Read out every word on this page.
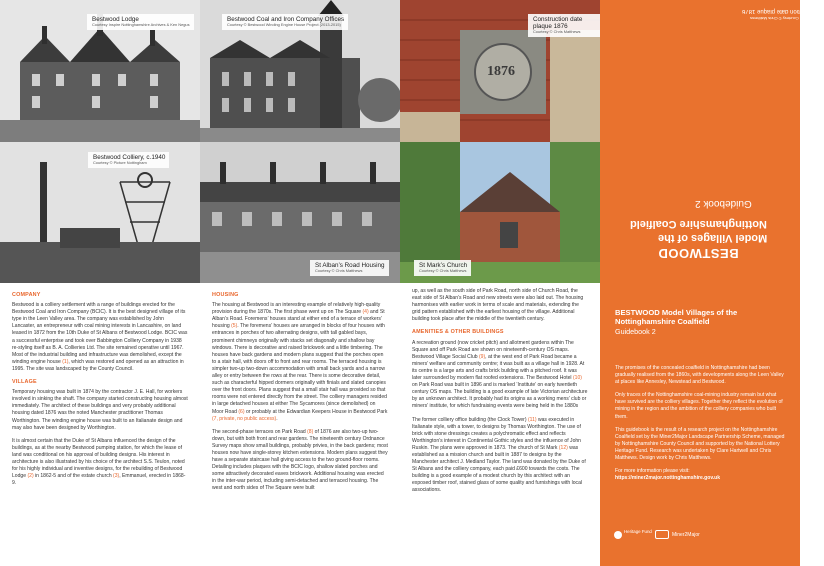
Bestwood Lodge
Courtesy Inspire Nottinghamshire Archives & Ken Negus
Bestwood Coal and Iron Company Offices
Courtesy © Bestwood Winding Engine House Project (2013-2015)
1876
Construction date plaque 1876
Courtesy © Chris Matthews
Bestwood Colliery, c.1940
Courtesy © Picture Nottingham
St Alban’s Road Housing
Courtesy © Chris Matthews
St Mark’s Church
Courtesy © Chris Matthews
BESTWOOD
Model Villages of the
Nottinghamshire Coalfield
Guidebook 2
Courtesy © Chris Matthews
Construction date plaque 1876
COMPANY

Bestwood is a colliery settlement with a range of buildings erected for the Bestwood Coal and Iron Company (BCIC). It is the best designed village of its type in the Leen Valley area. The company was established by John Lancaster, an entrepreneur with coal mining interests in Lancashire, on land leased in 1872 from the 10th Duke of St Albans of Bestwood Lodge. BCIC was a successful enterprise and took over Babbington Colliery Company in 1938 re-styling itself as B. A. Collieries Ltd. The site remained operative until 1967. Most of the industrial building and infrastructure was demolished, except the winding engine house (1), which was restored and opened as an attraction in 1995. The site was landscaped by the County Council.

VILLAGE

Temporary housing was built in 1874 by the contractor J. E. Hall, for workers involved in sinking the shaft. The company started constructing housing almost immediately. The architect of these buildings and very probably additional housing dated 1876 was the noted Manchester practitioner Thomas Worthington. The winding engine house was built to an Italianate design and may also have been designed by Worthington.

It is almost certain that the Duke of St Albans influenced the design of the buildings, as at the nearby Bestwood pumping station, for which the lease of land was conditional on his approval of building designs. His interest in architecture is also illustrated by his choice of the architect S.S. Teulon, noted for his highly individual and inventive designs, for the rebuilding of Bestwood Lodge (2) in 1862-5 and of the estate church (3), Emmanuel, erected in 1868-9.

HOUSING

The housing at Bestwood is an interesting example of relatively high-quality provision during the 1870s. The first phase went up on The Square (4) and St Alban’s Road. Foremens’ houses stand at either end of a terrace of workers’ housing (5). The foremens’ houses are arranged in blocks of four houses with entrances in porches of two alternating designs, with tall gabled bays, prominent chimneys originally with stacks set diagonally and shallow bay windows. There is decorative and raised brickwork and a little timbering. The houses have back gardens and modern plans suggest that the porches open to a stair hall, with doors off to front and rear rooms. The terraced housing is simpler two-up two-down accommodation with small back yards and a narrow alley or entry between the rows at the rear. There is some decorative detail, such as characterful hipped dormers originally with finials and slated canopies over the front doors. Plans suggest that a small stair hall was provided so that rooms were not entered directly from the street. The colliery managers resided in large detached houses at either The Sycamores (since demolished) on Moor Road (6) or probably at the Edwardian Keepers House in Bestwood Park (7, private, no public access).

The second-phase terraces on Park Road (8) of 1876 are also two-up two-down, but with both front and rear gardens. The nineteenth century Ordnance Survey maps show small buildings, probably privies, in the back gardens; most houses now have single-storey kitchen extensions. Modern plans suggest they have a separate staircase hall giving access to the two ground-floor rooms. Detailing includes plaques with the BCIC logo, shallow slated porches and some attractively decorated eaves brickwork. Additional housing was erected in the inter-war period, including semi-detached and terraced housing. The west and north sides of The Square were built

up, as well as the south side of Park Road, north side of Church Road, the east side of St Alban’s Road and new streets were also laid out. The housing harmonises with earlier work in terms of scale and materials, extending the grid pattern established with the earliest housing of the village. Additional building took place after the middle of the twentieth century.

AMENITIES & OTHER BUILDINGS

A recreation ground (now cricket pitch) and allotment gardens within The Square and off Park Road are shown on nineteenth-century OS maps. Bestwood Village Social Club (9), at the west end of Park Road became a miners’ welfare and community centre; it was built as a village hall in 1928. At its centre is a large arts and crafts brick building with a pitched roof. It was later surrounded by modern flat roofed extensions. The Bestwood Hotel (10) on Park Road was built in 1896 and is marked ‘Institute’ on early twentieth century OS maps. The building is a good example of late Victorian architecture by an unknown architect. It probably had its origins as a working mens’ club or miners’ institute, for which fundraising events were being held in the 1880s

The former colliery office building (the Clock Tower) (11) was executed in Italianate style, with a tower, to designs by Thomas Worthington. The use of brick with stone dressings creates a polychromatic effect and reflects Worthington’s interest in Continental Gothic styles and the influence of John Ruskin. The plans were approved in 1873. The church of St Mark (12) was established as a mission church and built in 1887 to designs by the Manchester architect J. Medland Taylor. The land was donated by the Duke of St Albans and the colliery company, each paid £600 towards the costs. The building is a good example of a modest church by this architect with an exposed timber roof, stained glass of some quality and furnishings with local associations.

BESTWOOD Model Villages of the Nottinghamshire Coalfield
Guidebook 2

The promises of the concealed coalfield in Nottinghamshire had been gradually realised from the 1860s, with developments along the Leen Valley at places like Annesley, Newstead and Bestwood.

Only traces of the Nottinghamshire coal-mining industry remain but what have survived are the colliery villages. Together they reflect the evolution of mining in the region and the ambition of the colliery companies who built them.

This guidebook is the result of a research project on the Nottinghamshire Coalfield set by the Miner2Major Landscape Partnership Scheme, managed by Nottinghamshire County Council and supported by the National Lottery Heritage Fund. Research was undertaken by Clare Hartwell and Chris Matthews. Design work by Chris Matthews.

For more information please visit:
https://miner2major.nottinghamshire.gov.uk

Heritage Fund
Miner2Major
